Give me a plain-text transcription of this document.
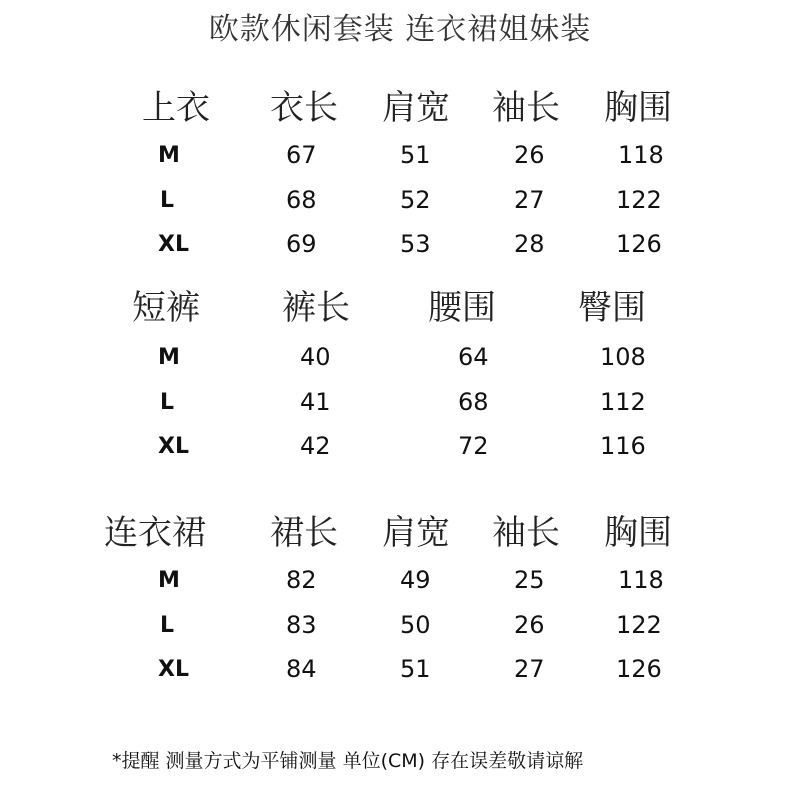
欧款休闲套装 连衣裙姐妹装
上衣 衣长 肩宽 袖长 胸围
M	67	51	26	118
L	68	52	27	122
XL	69	53	28	126
短裤 裤长 腰围 臀围
M	40	64	108
L	41	68	112
XL	42	72	116
连衣裙 裙长 肩宽 袖长 胸围
M	82	49	25	118
L	83	50	26	122
XL	84	51	27	126
*提醒 测量方式为平铺测量 单位(CM) 存在误差敬请谅解
